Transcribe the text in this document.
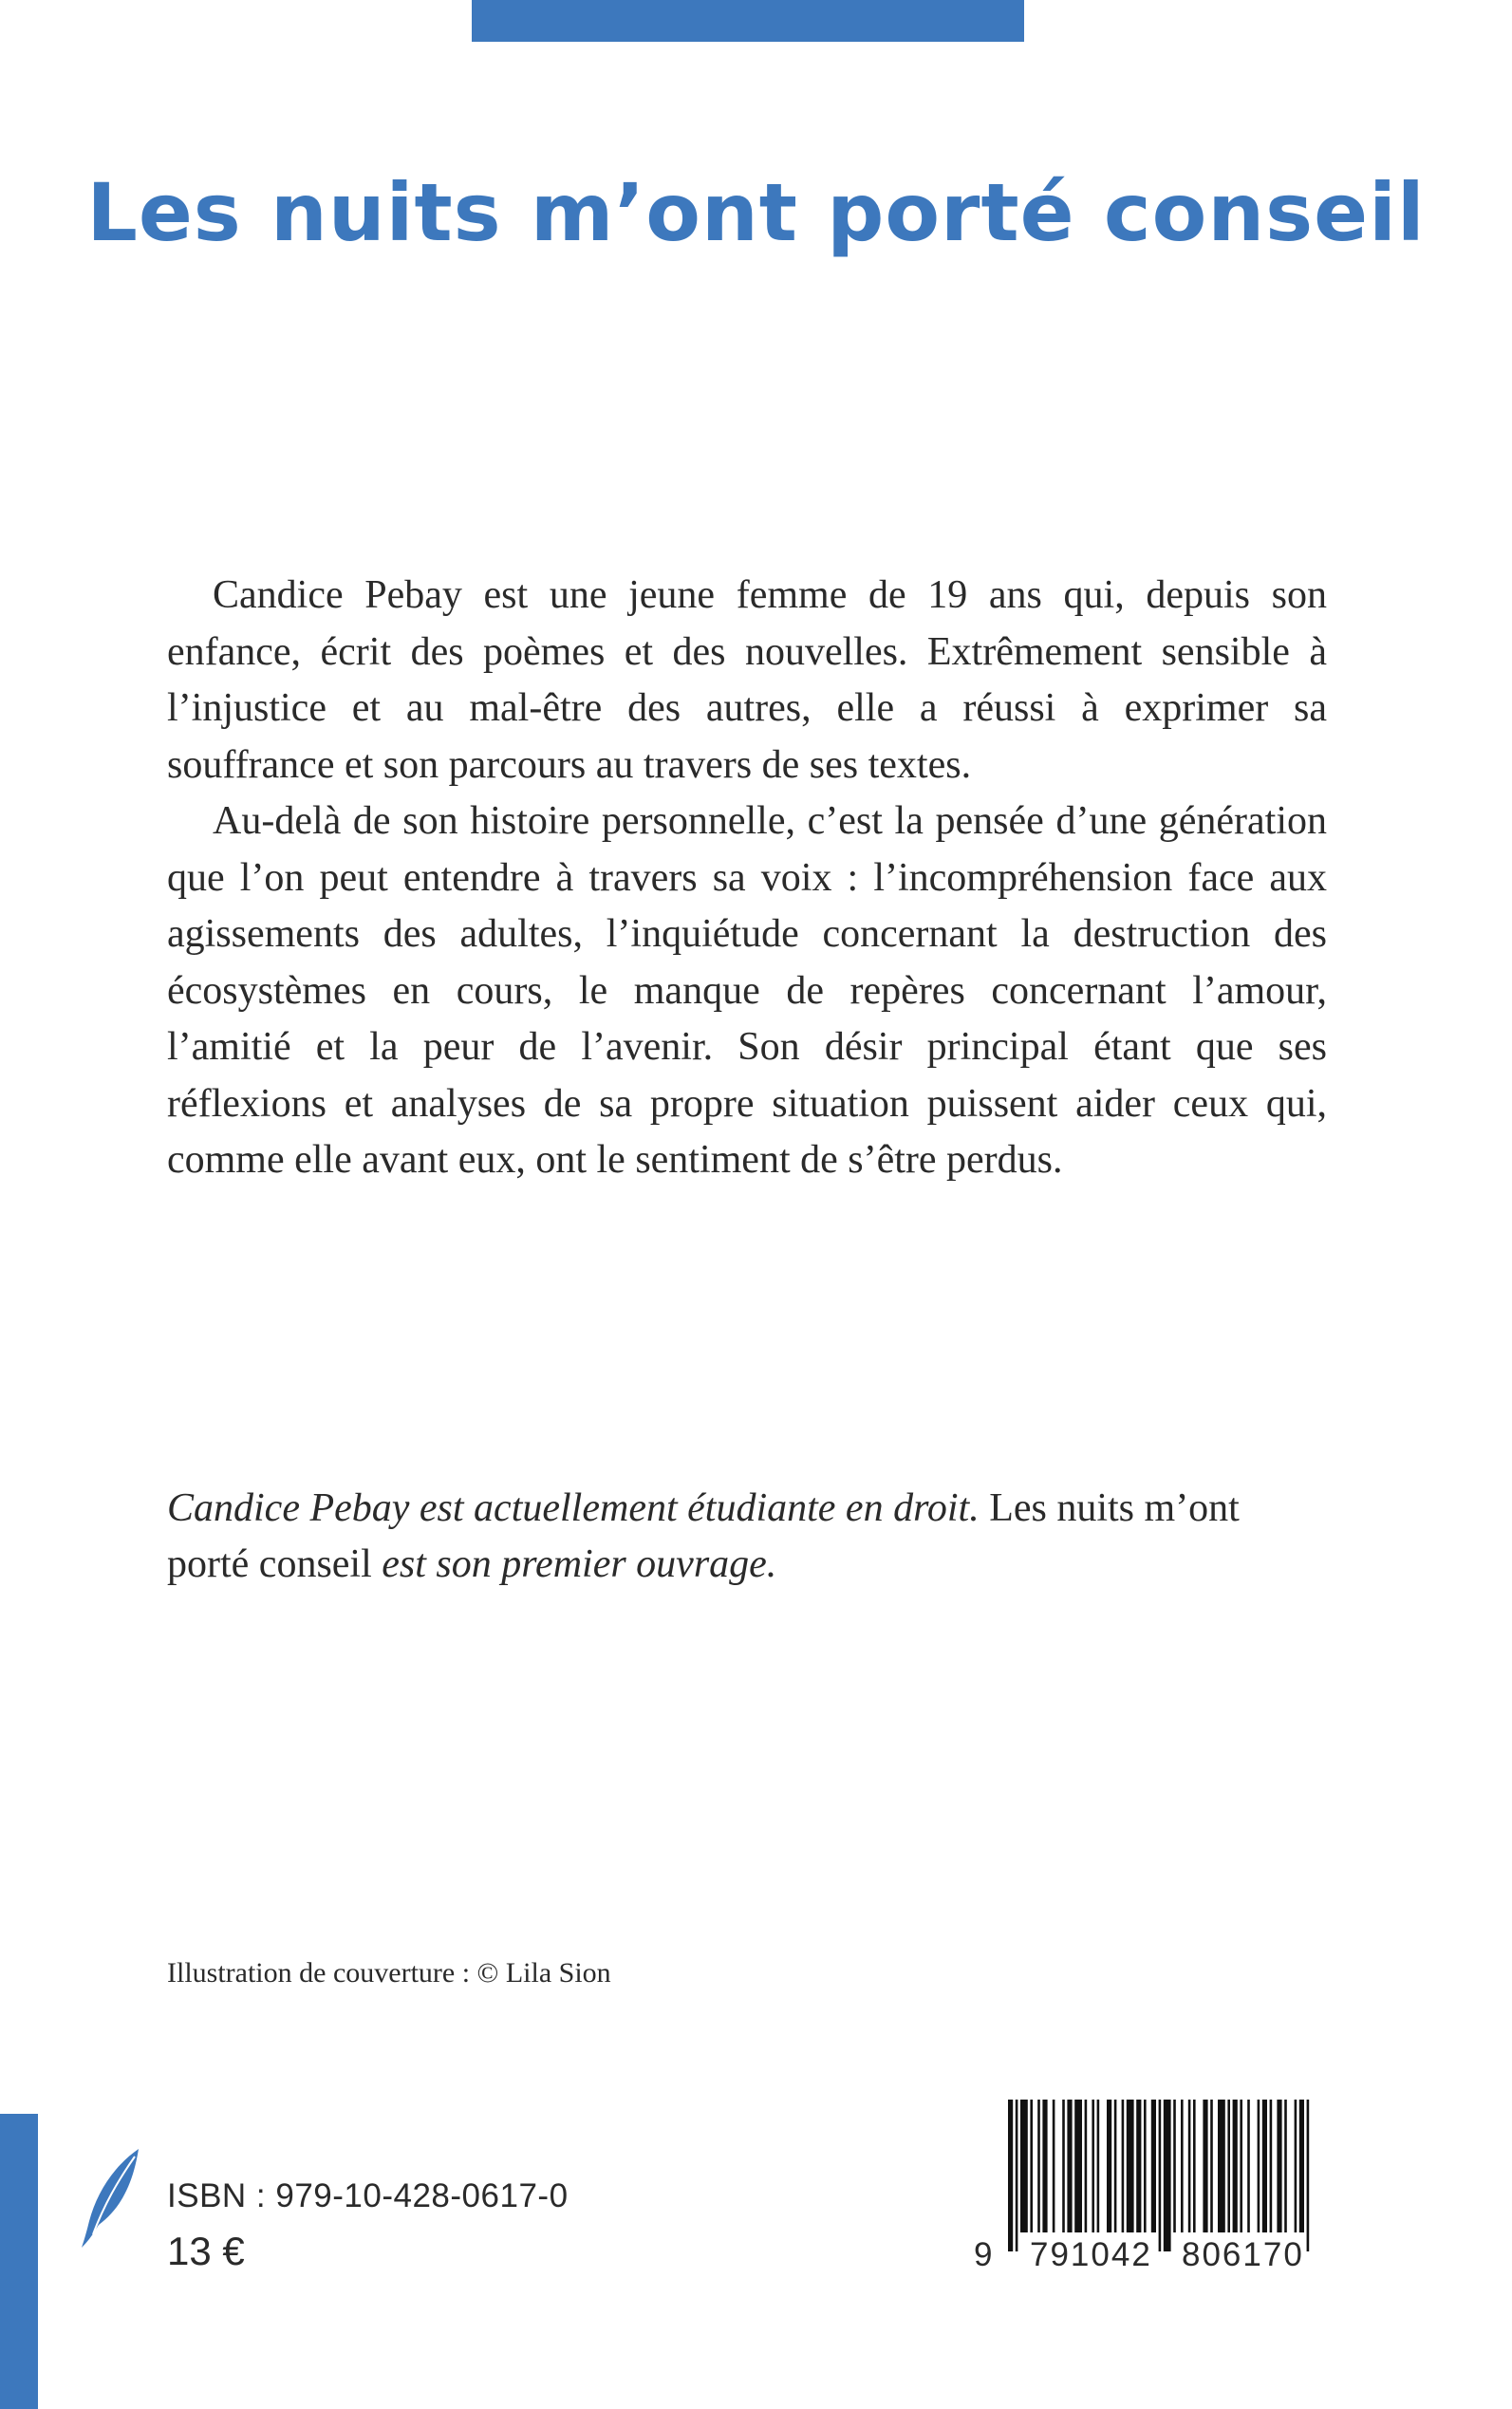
Les nuits m’ont porté conseil

Candice Pebay est une jeune femme de 19 ans qui, depuis son enfance, écrit des poèmes et des nouvelles. Extrêmement sensible à l’injustice et au mal-être des autres, elle a réussi à exprimer sa souffrance et son parcours au travers de ses textes.

Au-delà de son histoire personnelle, c’est la pensée d’une génération que l’on peut entendre à travers sa voix : l’incompréhension face aux agissements des adultes, l’inquiétude concernant la destruction des écosystèmes en cours, le manque de repères concernant l’amour, l’amitié et la peur de l’avenir. Son désir principal étant que ses réflexions et analyses de sa propre situation puissent aider ceux qui, comme elle avant eux, ont le sentiment de s’être perdus.

Candice Pebay est actuellement étudiante en droit. Les nuits m’ont porté conseil est son premier ouvrage.
Illustration de couverture : © Lila Sion
ISBN : 979-10-428-0617-0
13 €	9 791042 806170
